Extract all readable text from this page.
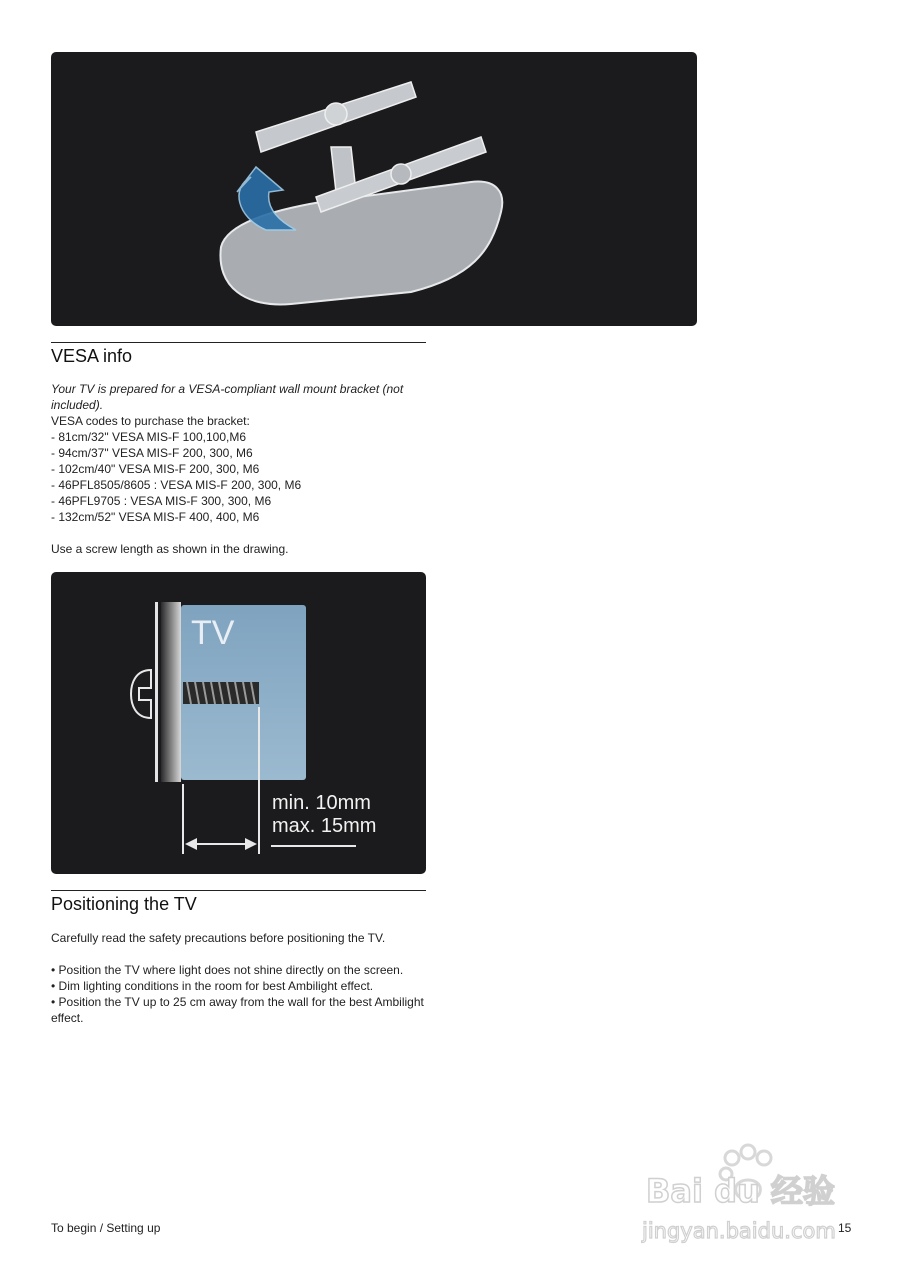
VESA info

Your TV is prepared for a VESA-compliant wall mount bracket (not included).

VESA codes to purchase the bracket:

- 81cm/32" VESA MIS-F 100,100,M6

- 94cm/37" VESA MIS-F 200, 300, M6

- 102cm/40" VESA MIS-F 200, 300, M6

- 46PFL8505/8605 : VESA MIS-F 200, 300, M6

- 46PFL9705 : VESA MIS-F 300, 300, M6

- 132cm/52" VESA MIS-F 400, 400, M6

Use a screw length as shown in the drawing.

TV
min. 10mm
max. 15mm
Positioning the TV

Carefully read the safety precautions before positioning the TV.

• Position the TV where light does not shine directly on the screen.

• Dim lighting conditions in the room for best Ambilight effect.

• Position the TV up to 25 cm away from the wall for the best Ambilight effect.

To begin / Setting up	15
Bai du 经验
jingyan.baidu.com
